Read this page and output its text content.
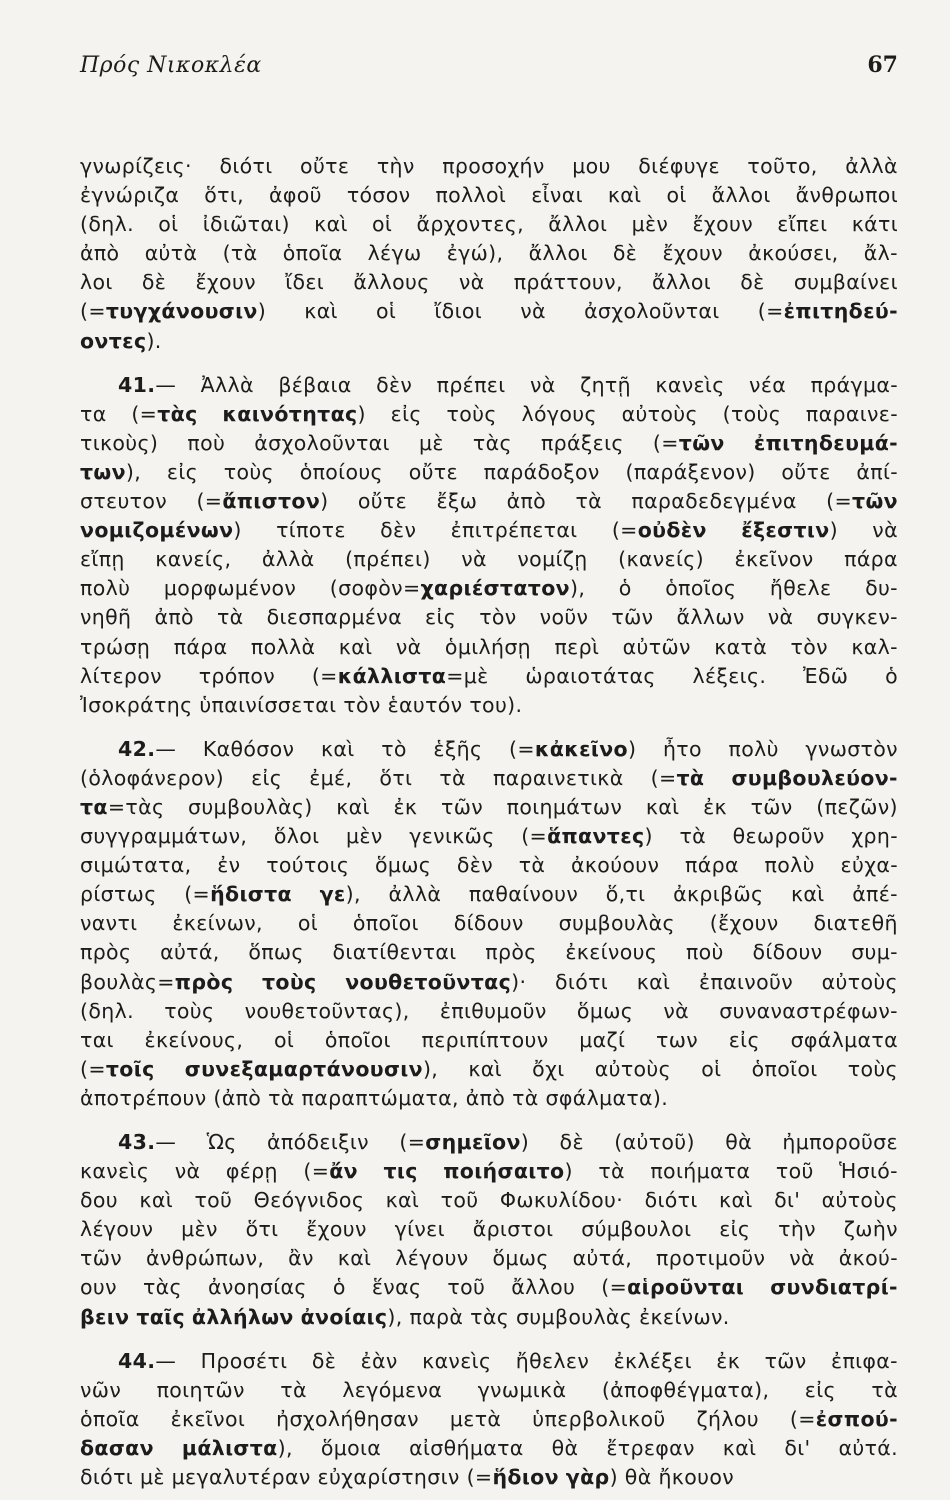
Πρός Νικοκλέα	67
γνωρίζεις· διότι οὔτε τὴν προσοχήν μου διέφυγε τοῦτο, ἀλλὰ
ἐγνώριζα ὅτι, ἀφοῦ τόσον πολλοὶ εἶναι καὶ οἱ ἄλλοι ἄνθρωποι
(δηλ. οἱ ἰδιῶται) καὶ οἱ ἄρχοντες, ἄλλοι μὲν ἔχουν εἴπει κάτι
ἀπὸ αὐτὰ (τὰ ὁποῖα λέγω ἐγώ), ἄλλοι δὲ ἔχουν ἀκούσει, ἄλ-
λοι δὲ ἔχουν ἴδει ἄλλους νὰ πράττουν, ἄλλοι δὲ συμβαίνει
(=τυγχάνουσιν) καὶ οἱ ἴδιοι νὰ ἀσχολοῦνται (=ἐπιτηδεύ-
οντες).
41.— Ἀλλὰ βέβαια δὲν πρέπει νὰ ζητῇ κανεὶς νέα πράγμα-
τα (=τὰς καινότητας) εἰς τοὺς λόγους αὐτοὺς (τοὺς παραινε-
τικοὺς) ποὺ ἀσχολοῦνται μὲ τὰς πράξεις (=τῶν ἐπιτηδευμά-
των), εἰς τοὺς ὁποίους οὔτε παράδοξον (παράξενον) οὔτε ἀπί-
στευτον (=ἄπιστον) οὔτε ἔξω ἀπὸ τὰ παραδεδεγμένα (=τῶν
νομιζομένων) τίποτε δὲν ἐπιτρέπεται (=οὐδὲν ἔξεστιν) νὰ
εἴπῃ κανείς, ἀλλὰ (πρέπει) νὰ νομίζῃ (κανείς) ἐκεῖνον πάρα
πολὺ μορφωμένον (σοφὸν=χαριέστατον), ὁ ὁποῖος ἤθελε δυ-
νηθῆ ἀπὸ τὰ διεσπαρμένα εἰς τὸν νοῦν τῶν ἄλλων νὰ συγκεν-
τρώσῃ πάρα πολλὰ καὶ νὰ ὁμιλήσῃ περὶ αὐτῶν κατὰ τὸν καλ-
λίτερον τρόπον (=κάλλιστα=μὲ ὡραιοτάτας λέξεις. Ἐδῶ ὁ
Ἰσοκράτης
ὑπαινίσσεται
τὸν
ἑαυτόν
του).
42.— Καθόσον καὶ τὸ ἑξῆς (=κἀκεῖνο) ἦτο πολὺ γνωστὸν
(ὁλοφάνερον) εἰς ἐμέ, ὅτι τὰ παραινετικὰ (=τὰ συμβουλεύον-
τα=τὰς συμβουλὰς) καὶ ἐκ τῶν ποιημάτων καὶ ἐκ τῶν (πεζῶν)
συγγραμμάτων, ὅλοι μὲν γενικῶς (=ἅπαντες) τὰ θεωροῦν χρη-
σιμώτατα, ἐν τούτοις ὅμως δὲν τὰ ἀκούουν πάρα πολὺ εὐχα-
ρίστως (=ἥδιστα γε), ἀλλὰ παθαίνουν ὅ,τι ἀκριβῶς καὶ ἀπέ-
ναντι ἐκείνων, οἱ ὁποῖοι δίδουν συμβουλὰς (ἔχουν διατεθῆ
πρὸς αὐτά, ὅπως διατίθενται πρὸς ἐκείνους ποὺ δίδουν συμ-
βουλὰς=πρὸς τοὺς νουθετοῦντας)· διότι καὶ ἐπαινοῦν αὐτοὺς
(δηλ. τοὺς νουθετοῦντας), ἐπιθυμοῦν ὅμως νὰ συναναστρέφων-
ται ἐκείνους, οἱ ὁποῖοι περιπίπτουν μαζί των εἰς σφάλματα
(=τοῖς συνεξαμαρτάνουσιν), καὶ ὄχι αὐτοὺς οἱ ὁποῖοι τοὺς
ἀποτρέπουν
(ἀπὸ
τὰ
παραπτώματα,
ἀπὸ
τὰ
σφάλματα).
43.— Ὡς ἀπόδειξιν (=σημεῖον) δὲ (αὐτοῦ) θὰ ἠμποροῦσε
κανεὶς νὰ φέρῃ (=ἄν τις ποιήσαιτο) τὰ ποιήματα τοῦ Ἡσιό-
δου καὶ τοῦ Θεόγνιδος καὶ τοῦ Φωκυλίδου· διότι καὶ δι' αὐτοὺς
λέγουν μὲν ὅτι ἔχουν γίνει ἄριστοι σύμβουλοι εἰς τὴν ζωὴν
τῶν ἀνθρώπων, ἂν καὶ λέγουν ὅμως αὐτά, προτιμοῦν νὰ ἀκού-
ουν τὰς ἀνοησίας ὁ ἕνας τοῦ ἄλλου (=αἱροῦνται συνδιατρί-
βειν
ταῖς
ἀλλήλων
ἀνοίαις),
παρὰ
τὰς
συμβουλὰς
ἐκείνων.
44.— Προσέτι δὲ ἐὰν κανεὶς ἤθελεν ἐκλέξει ἐκ τῶν ἐπιφα-
νῶν ποιητῶν τὰ λεγόμενα γνωμικὰ (ἀποφθέγματα), εἰς τὰ
ὁποῖα ἐκεῖνοι ἠσχολήθησαν μετὰ ὑπερβολικοῦ ζήλου (=ἐσπού-
δασαν μάλιστα), ὅμοια αἰσθήματα θὰ ἔτρεφαν καὶ δι' αὐτά.
διότι
μὲ
μεγαλυτέραν
εὐχαρίστησιν
(=ἥδιον
γὰρ)
θὰ
ἤκουον
